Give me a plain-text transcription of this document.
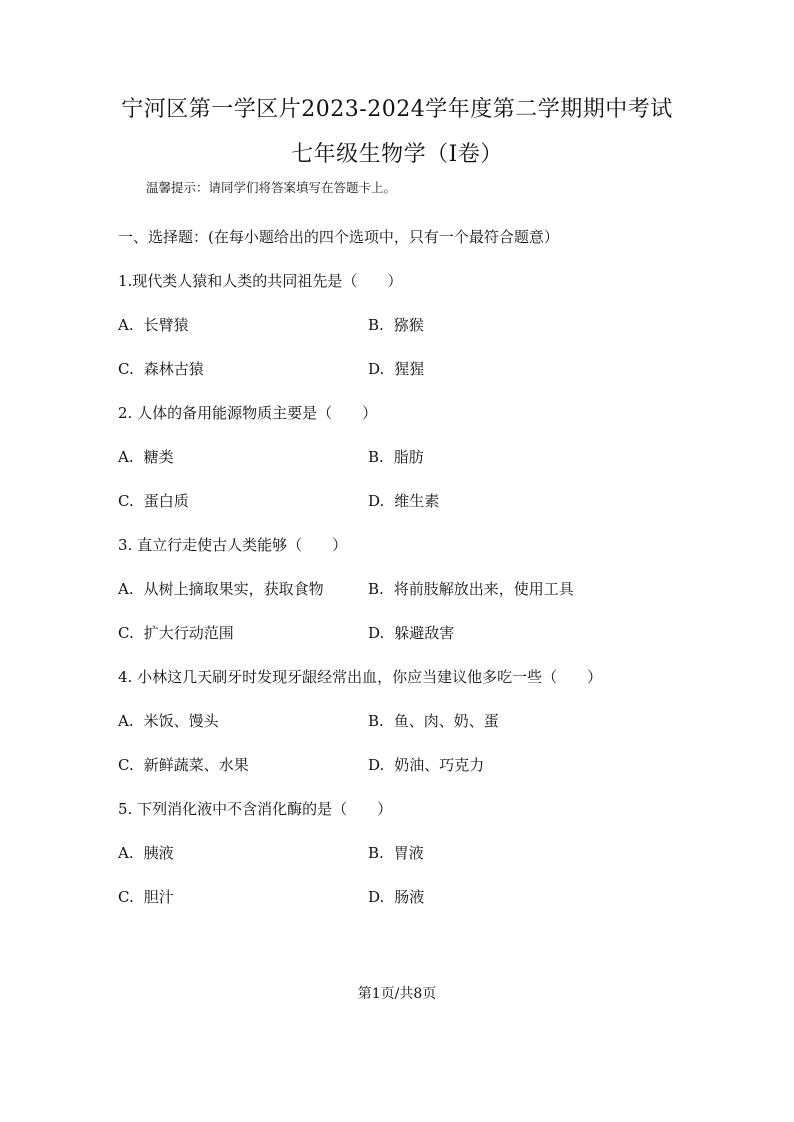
宁河区第一学区片2023-2024学年度第二学期期中考试
七年级生物学（I卷）
温馨提示：请同学们将答案填写在答题卡上。
一、选择题：(在每小题给出的四个选项中，只有一个最符合题意）
1.现代类人猿和人类的共同祖先是（　　）
A. 长臂猿	B. 猕猴
C. 森林古猿	D. 猩猩
2. 人体的备用能源物质主要是（　　）
A. 糖类	B. 脂肪
C. 蛋白质	D. 维生素
3. 直立行走使古人类能够（　　）
A. 从树上摘取果实，获取食物	B. 将前肢解放出来，使用工具
C. 扩大行动范围	D. 躲避敌害
4. 小林这几天刷牙时发现牙龈经常出血，你应当建议他多吃一些（　　）
A. 米饭、馒头	B. 鱼、肉、奶、蛋
C. 新鲜蔬菜、水果	D. 奶油、巧克力
5. 下列消化液中不含消化酶的是（　　）
A. 胰液	B. 胃液
C. 胆汁	D. 肠液
第1页/共8页
